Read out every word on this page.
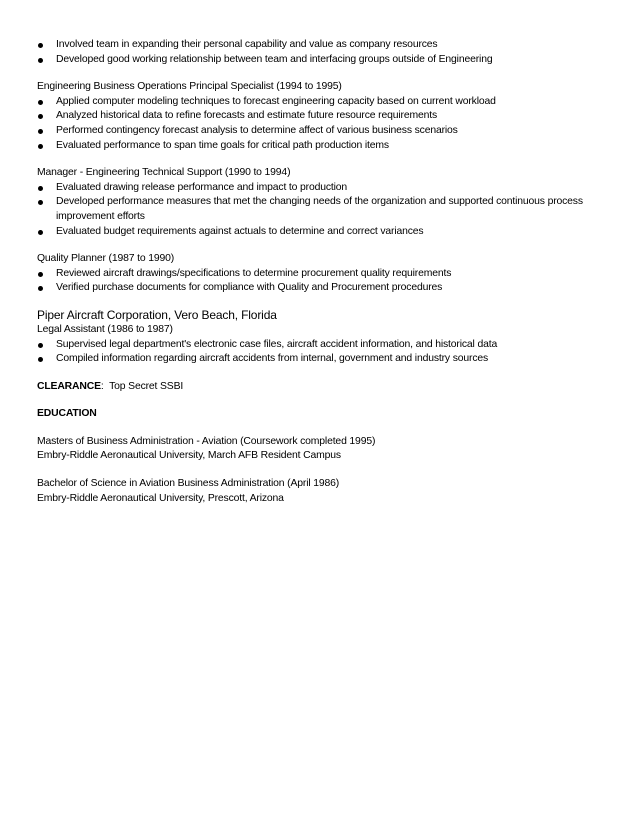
Involved team in expanding their personal capability and value as company resources
Developed good working relationship between team and interfacing groups outside of Engineering
Engineering Business Operations Principal Specialist (1994 to 1995)
Applied computer modeling techniques to forecast engineering capacity based on current workload
Analyzed historical data to refine forecasts and estimate future resource requirements
Performed contingency forecast analysis to determine affect of various business scenarios
Evaluated performance to span time goals for critical path production items
Manager - Engineering Technical Support (1990 to 1994)
Evaluated drawing release performance and impact to production
Developed performance measures that met the changing needs of the organization and supported continuous process improvement efforts
Evaluated budget requirements against actuals to determine and correct variances
Quality Planner (1987 to 1990)
Reviewed aircraft drawings/specifications to determine procurement quality requirements
Verified purchase documents for compliance with Quality and Procurement procedures
Piper Aircraft Corporation, Vero Beach, Florida
Legal Assistant (1986 to 1987)
Supervised legal department's electronic case files, aircraft accident information, and historical data
Compiled information regarding aircraft accidents from internal, government and industry sources
CLEARANCE: Top Secret SSBI
EDUCATION
Masters of Business Administration - Aviation (Coursework completed 1995)
Embry-Riddle Aeronautical University, March AFB Resident Campus
Bachelor of Science in Aviation Business Administration (April 1986)
Embry-Riddle Aeronautical University, Prescott, Arizona
